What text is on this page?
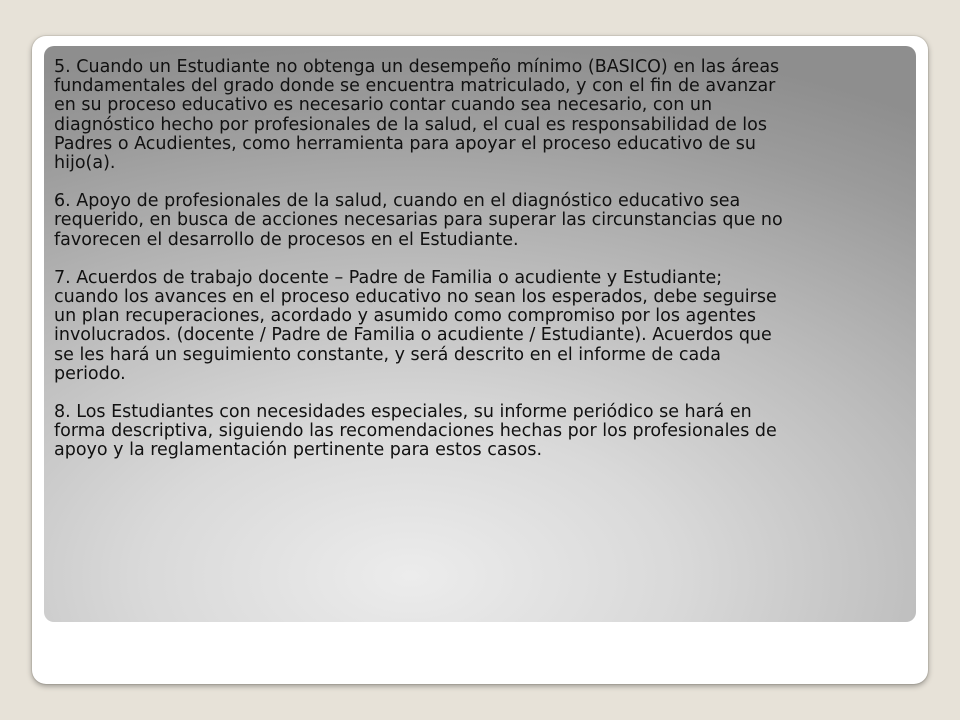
5. Cuando un Estudiante no obtenga un desempeño mínimo (BASICO) en las áreas
fundamentales del grado donde se encuentra matriculado, y con el fin de avanzar
en su proceso educativo es necesario contar cuando sea necesario, con un
diagnóstico hecho por profesionales de la salud, el cual es responsabilidad de los
Padres o Acudientes, como herramienta para apoyar el proceso educativo de su
hijo(a).

6. Apoyo de profesionales de la salud, cuando en el diagnóstico educativo sea
requerido, en busca de acciones necesarias para superar las circunstancias que no
favorecen el desarrollo de procesos en el Estudiante.

7. Acuerdos de trabajo docente – Padre de Familia o acudiente y Estudiante;
cuando los avances en el proceso educativo no sean los esperados, debe seguirse
un plan recuperaciones, acordado y asumido como compromiso por los agentes
involucrados. (docente / Padre de Familia o acudiente / Estudiante). Acuerdos que
se les hará un seguimiento constante, y será descrito en el informe de cada
periodo.

8. Los Estudiantes con necesidades especiales, su informe periódico se hará en
forma descriptiva, siguiendo las recomendaciones hechas por los profesionales de
apoyo y la reglamentación pertinente para estos casos.
